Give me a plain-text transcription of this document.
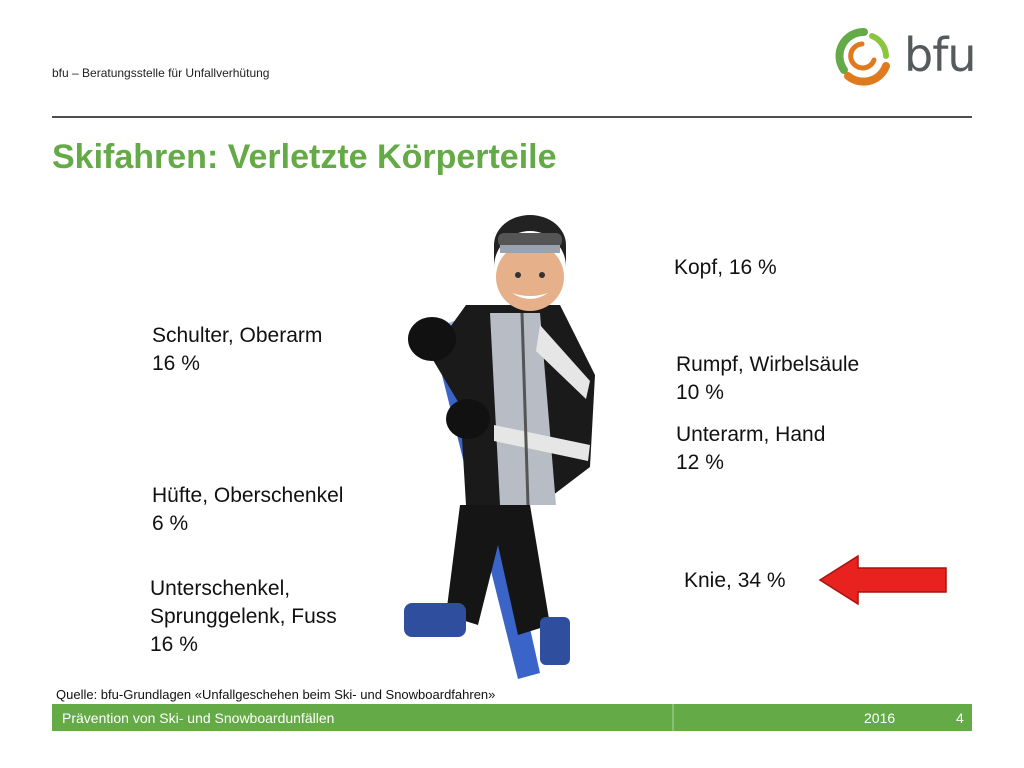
bfu – Beratungsstelle für Unfallverhütung	bfu
Skifahren: Verletzte Körperteile
Kopf, 16 %
Schulter, Oberarm
16 %	Rumpf, Wirbelsäule
10 %
Unterarm, Hand
12 %
Hüfte, Oberschenkel
6 %
Unterschenkel,
Sprunggelenk, Fuss
16 %
Knie, 34 %
Quelle: bfu-Grundlagen «Unfallgeschehen beim Ski- und Snowboardfahren»
Prävention von Ski- und Snowboardunfällen	2016	4
